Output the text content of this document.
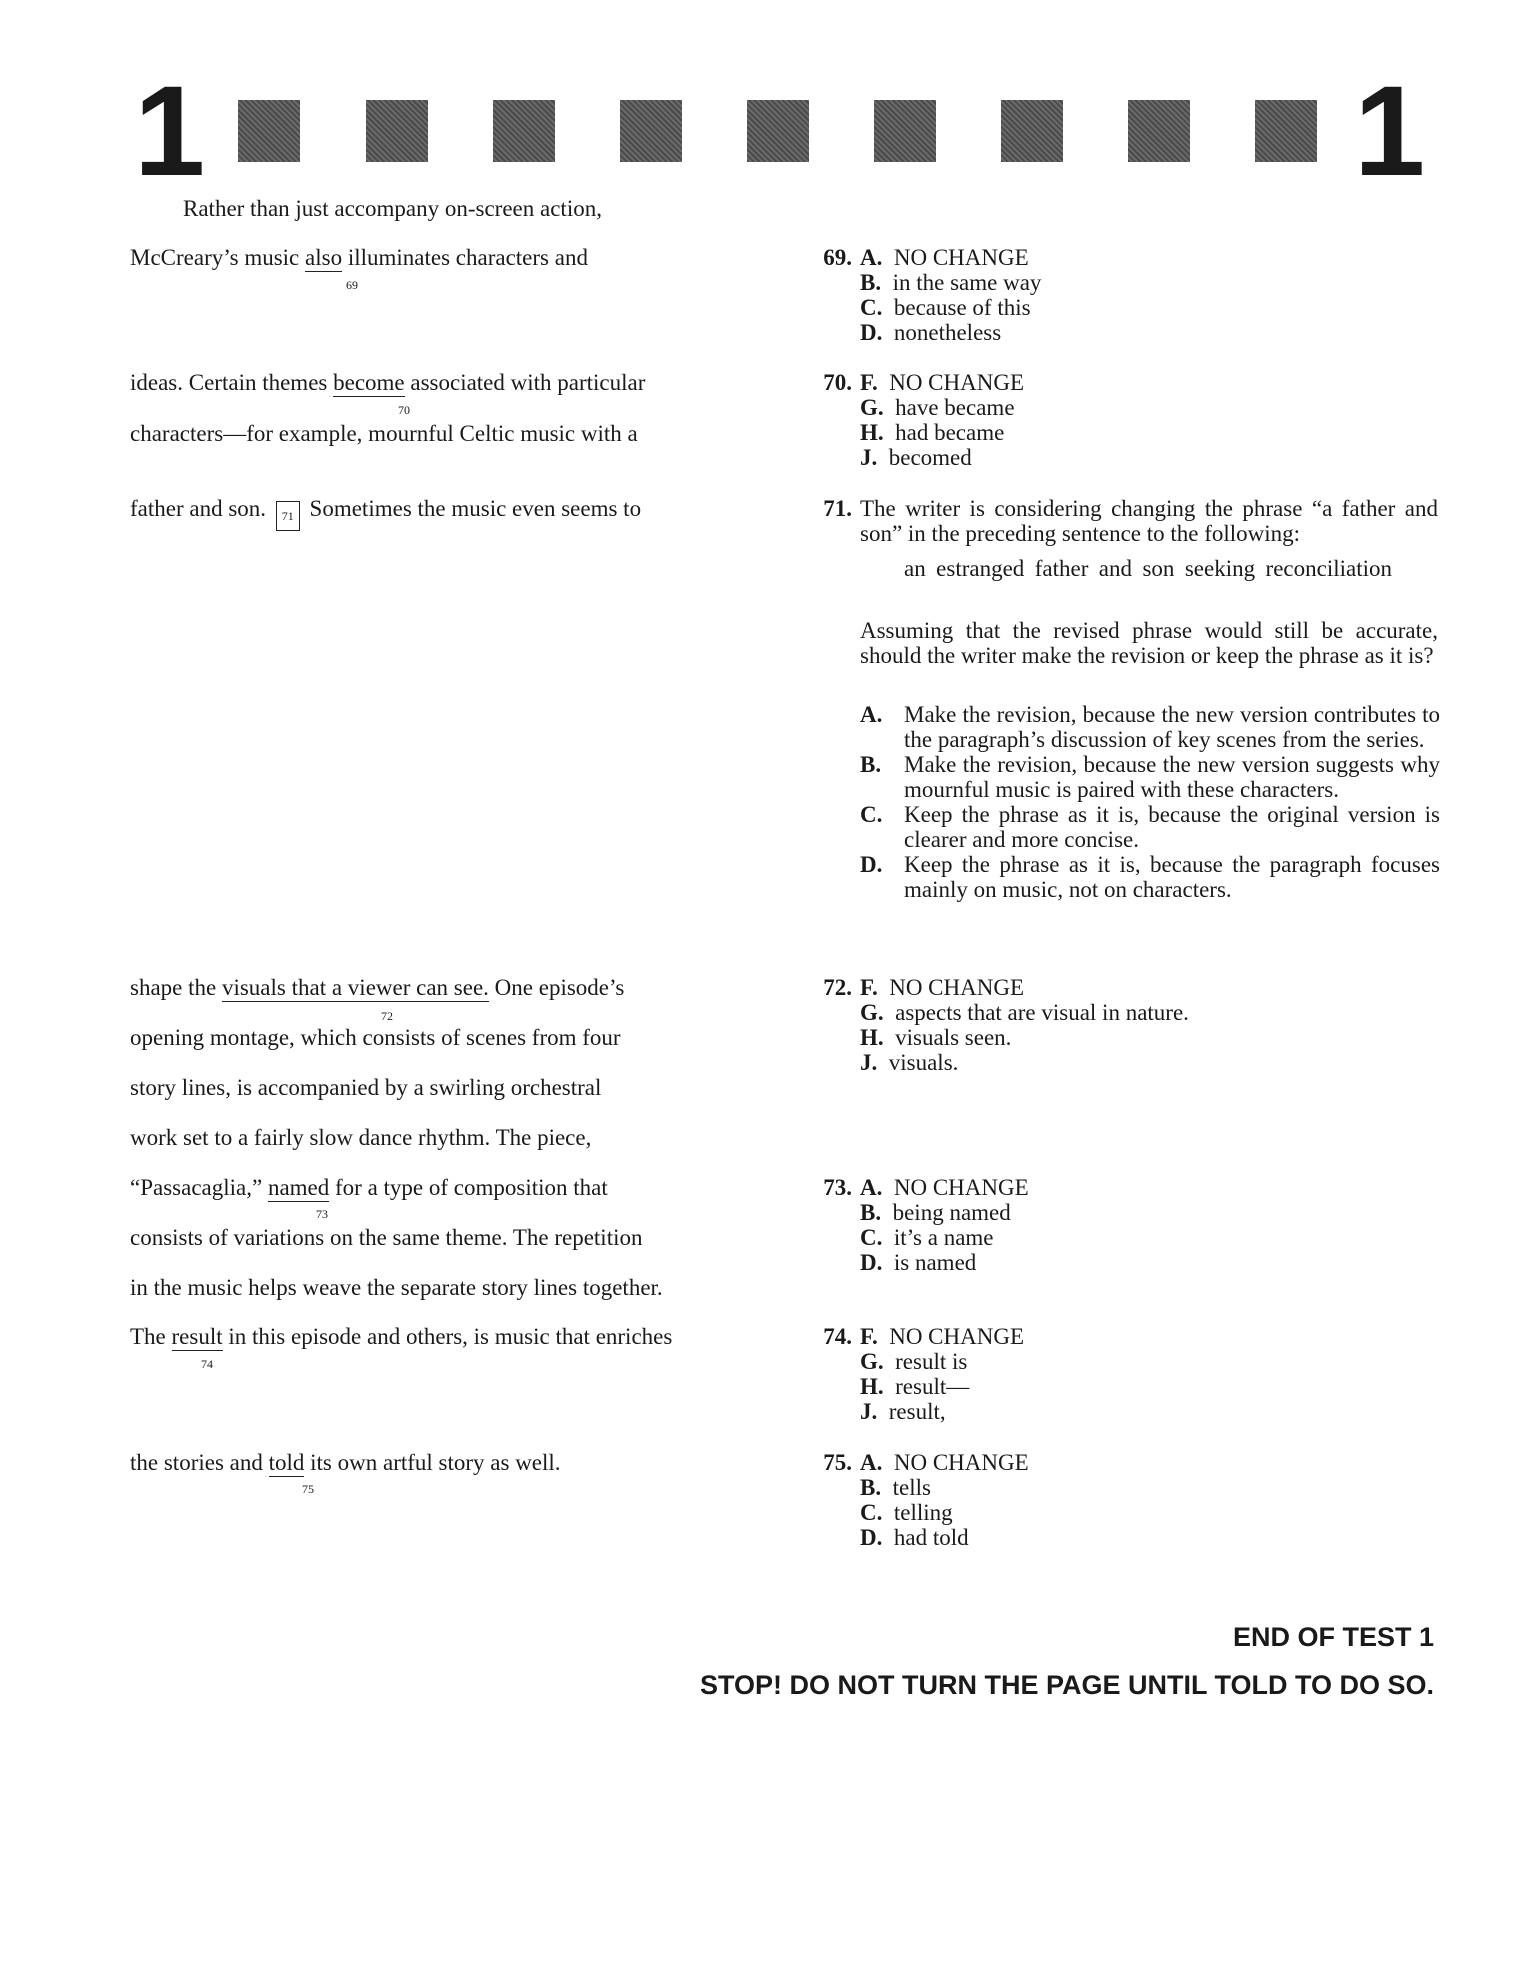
1	1
Rather than just accompany on-screen action,
McCreary’s music also illuminates characters and
69
ideas. Certain themes become associated with particular
70
characters—for example, mournful Celtic music with a
father and son. 71 Sometimes the music even seems to
shape the visuals that a viewer can see. One episode’s
72
opening montage, which consists of scenes from four
story lines, is accompanied by a swirling orchestral
work set to a fairly slow dance rhythm. The piece,
“Passacaglia,” named for a type of composition that
73
consists of variations on the same theme. The repetition
in the music helps weave the separate story lines together.
The result in this episode and others, is music that enriches
74
the stories and told its own artful story as well.
75
69. A. NO CHANGE
B. in the same way
C. because of this
D. nonetheless
70. F. NO CHANGE
G. have became
H. had became
J. becomed
71. The writer is considering changing the phrase “a father and son” in the preceding sentence to the following:
an estranged father and son seeking reconciliation
Assuming that the revised phrase would still be accurate, should the writer make the revision or keep the phrase as it is?
A. Make the revision, because the new version contributes to the paragraph’s discussion of key scenes from the series.
B. Make the revision, because the new version suggests why mournful music is paired with these characters.
C. Keep the phrase as it is, because the original version is clearer and more concise.
D. Keep the phrase as it is, because the paragraph focuses mainly on music, not on characters.
72. F. NO CHANGE
G. aspects that are visual in nature.
H. visuals seen.
J. visuals.
73. A. NO CHANGE
B. being named
C. it’s a name
D. is named
74. F. NO CHANGE
G. result is
H. result—
J. result,
75. A. NO CHANGE
B. tells
C. telling
D. had told
END OF TEST 1
STOP! DO NOT TURN THE PAGE UNTIL TOLD TO DO SO.
